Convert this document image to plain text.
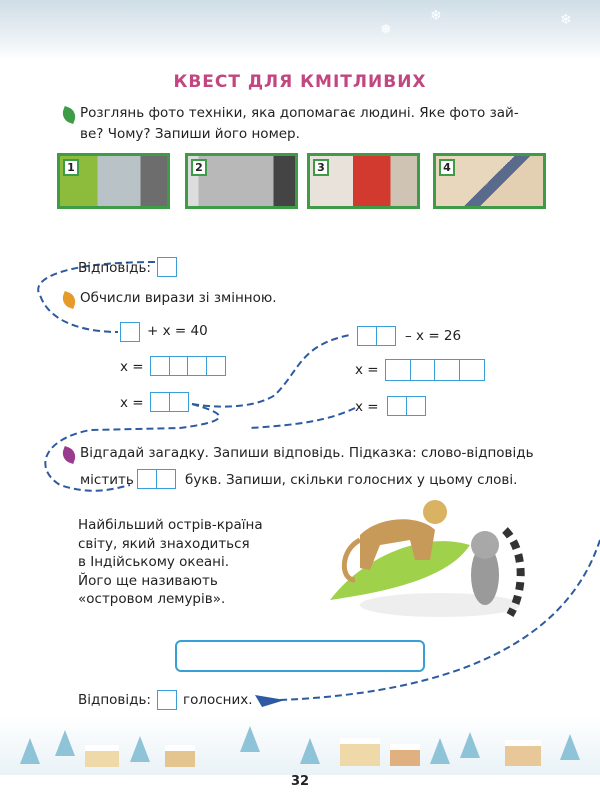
❄
❅
❄
КВЕСТ ДЛЯ КМІТЛИВИХ
Розглянь фото техніки, яка допомагає людині. Яке фото зай-
ве? Чому? Запиши його номер.
1	2	3	4
Відповідь:
Обчисли вирази зі змінною.
+ x = 40
x =
x =
– x = 26
x =
x =
Відгадай загадку. Запиши відповідь. Підказка: слово-відповідь
містить	букв. Запиши, скільки голосних у цьому слові.
Найбільший острів-країна
світу, який знаходиться
в Індійському океані.
Його ще називають
«островом лемурів».
Відповідь: голосних.
32
